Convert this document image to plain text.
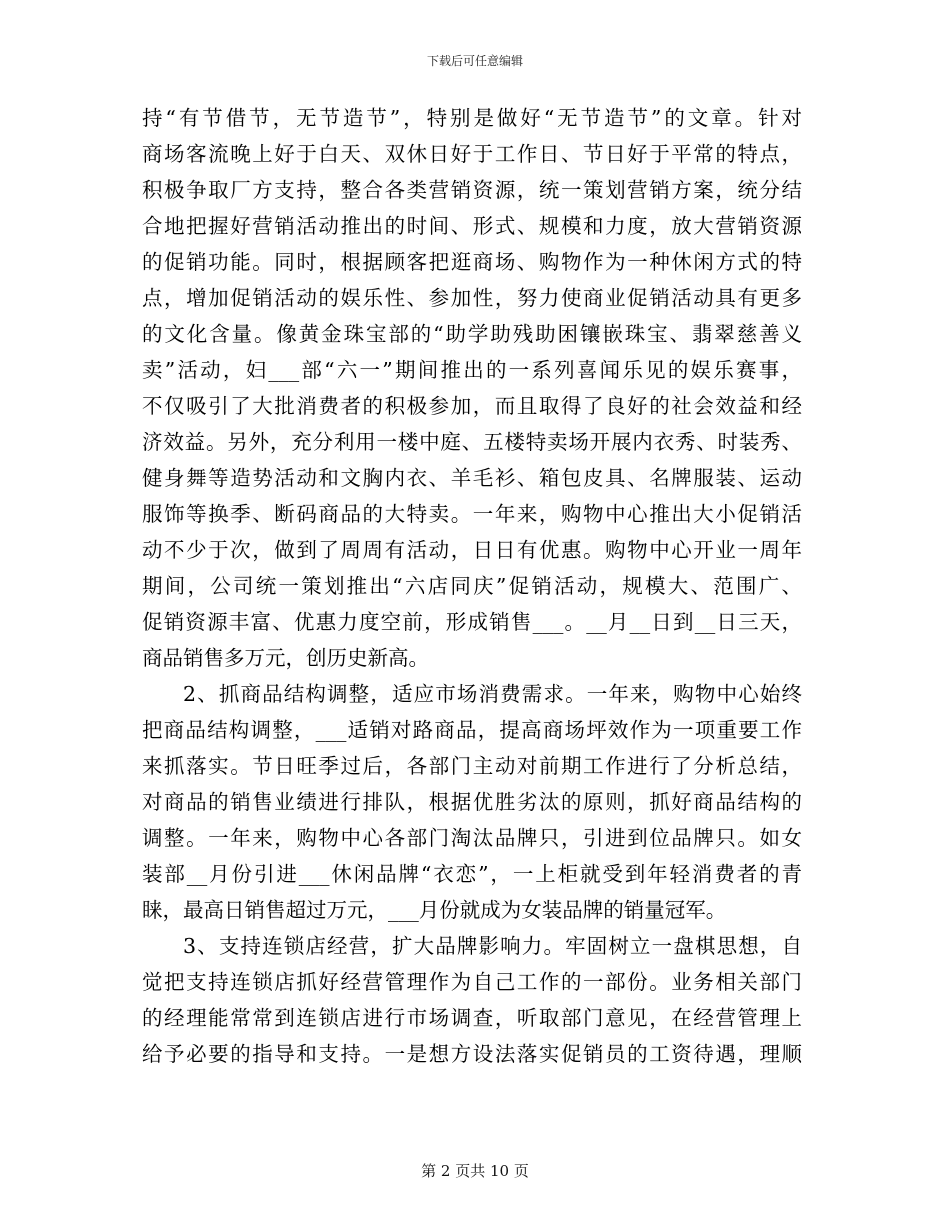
下载后可任意编辑
持“有节借节，无节造节”，特别是做好“无节造节”的文章。针对
商场客流晚上好于白天、双休日好于工作日、节日好于平常的特点，
积极争取厂方支持，整合各类营销资源，统一策划营销方案，统分结
合地把握好营销活动推出的时间、形式、规模和力度，放大营销资源
的促销功能。同时，根据顾客把逛商场、购物作为一种休闲方式的特
点，增加促销活动的娱乐性、参加性，努力使商业促销活动具有更多
的文化含量。像黄金珠宝部的“助学助残助困镶嵌珠宝、翡翠慈善义
卖”活动，妇___部“六一”期间推出的一系列喜闻乐见的娱乐赛事，
不仅吸引了大批消费者的积极参加，而且取得了良好的社会效益和经
济效益。另外，充分利用一楼中庭、五楼特卖场开展内衣秀、时装秀、
健身舞等造势活动和文胸内衣、羊毛衫、箱包皮具、名牌服装、运动
服饰等换季、断码商品的大特卖。一年来，购物中心推出大小促销活
动不少于次，做到了周周有活动，日日有优惠。购物中心开业一周年
期间，公司统一策划推出“六店同庆”促销活动，规模大、范围广、
促销资源丰富、优惠力度空前，形成销售___。__月__日到__日三天，
商品销售多万元，创历史新高。
2、抓商品结构调整，适应市场消费需求。一年来，购物中心始终
把商品结构调整，___适销对路商品，提高商场坪效作为一项重要工作
来抓落实。节日旺季过后，各部门主动对前期工作进行了分析总结，
对商品的销售业绩进行排队，根据优胜劣汰的原则，抓好商品结构的
调整。一年来，购物中心各部门淘汰品牌只，引进到位品牌只。如女
装部__月份引进___休闲品牌“衣恋”，一上柜就受到年轻消费者的青
睐，最高日销售超过万元，___月份就成为女装品牌的销量冠军。
3、支持连锁店经营，扩大品牌影响力。牢固树立一盘棋思想，自
觉把支持连锁店抓好经营管理作为自己工作的一部份。业务相关部门
的经理能常常到连锁店进行市场调查，听取部门意见，在经营管理上
给予必要的指导和支持。一是想方设法落实促销员的工资待遇，理顺
第 2 页共 10 页
